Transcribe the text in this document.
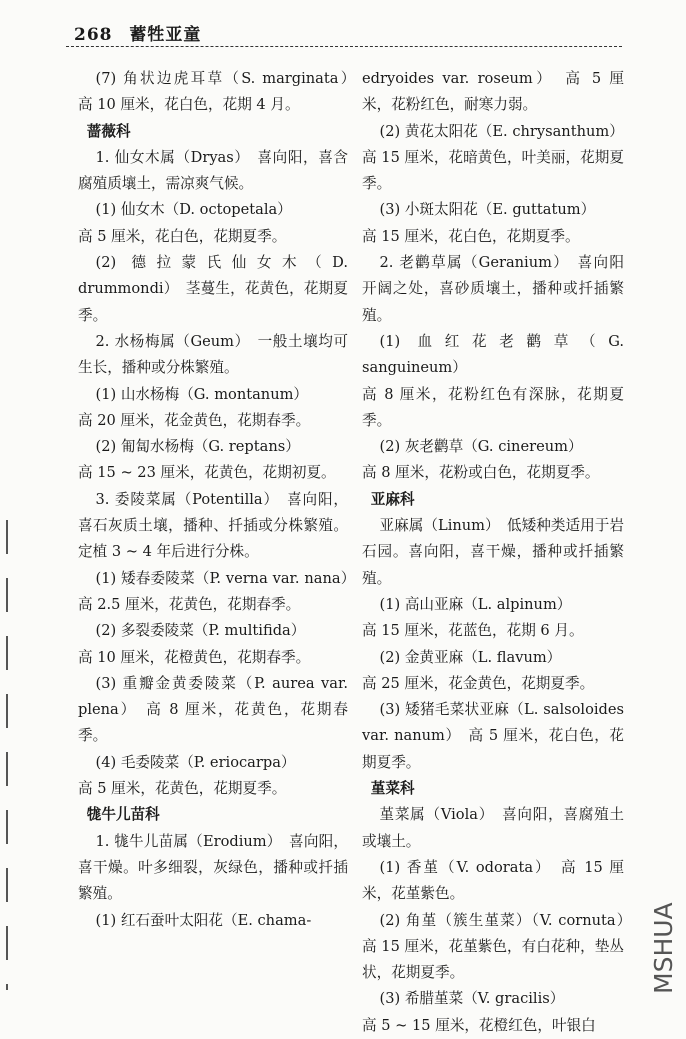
268 蓄牲亚童

(7) 角状边虎耳草（S. marginata）　高 10 厘米，花白色，花期 4 月。

蔷薇科

1. 仙女木属（Dryas）　喜向阳，喜含腐殖质壤土，需凉爽气候。

(1) 仙女木（D. octopetala）

高 5 厘米，花白色，花期夏季。

(2) 德拉蒙氏仙女木（D. drummondi）　茎蔓生，花黄色，花期夏季。

2. 水杨梅属（Geum）　一般土壤均可生长，播种或分株繁殖。

(1) 山水杨梅（G. montanum）

高 20 厘米，花金黄色，花期春季。

(2) 匍匐水杨梅（G. reptans）

高 15 ~ 23 厘米，花黄色，花期初夏。

3. 委陵菜属（Potentilla）　喜向阳，喜石灰质土壤，播种、扦插或分株繁殖。定植 3 ~ 4 年后进行分株。

(1) 矮春委陵菜（P. verna var. nana）　高 2.5 厘米，花黄色，花期春季。

(2) 多裂委陵菜（P. multifida）

高 10 厘米，花橙黄色，花期春季。

(3) 重瓣金黄委陵菜（P. aurea var. plena）　高 8 厘米，花黄色，花期春季。

(4) 毛委陵菜（P. eriocarpa）

高 5 厘米，花黄色，花期夏季。

牻牛儿苗科

1. 牻牛儿苗属（Erodium）　喜向阳，喜干燥。叶多细裂，灰绿色，播种或扦插繁殖。

(1) 红石蚕叶太阳花（E. chama-

edryoides var. roseum）　高 5 厘米，花粉红色，耐寒力弱。

(2) 黄花太阳花（E. chrysanthum）

高 15 厘米，花暗黄色，叶美丽，花期夏季。

(3) 小斑太阳花（E. guttatum）

高 15 厘米，花白色，花期夏季。

2. 老鹳草属（Geranium）　喜向阳开阔之处，喜砂质壤土，播种或扦插繁殖。

(1) 血红花老鹳草（G. sanguineum）

高 8 厘米，花粉红色有深脉，花期夏季。

(2) 灰老鹳草（G. cinereum）

高 8 厘米，花粉或白色，花期夏季。

亚麻科

亚麻属（Linum）　低矮种类适用于岩石园。喜向阳，喜干燥，播种或扦插繁殖。

(1) 高山亚麻（L. alpinum）

高 15 厘米，花蓝色，花期 6 月。

(2) 金黄亚麻（L. flavum）

高 25 厘米，花金黄色，花期夏季。

(3) 矮猪毛菜状亚麻（L. salsoloides var. nanum）　高 5 厘米，花白色，花期夏季。

堇菜科

堇菜属（Viola）　喜向阳，喜腐殖土或壤土。

(1) 香堇（V. odorata）　高 15 厘米，花堇紫色。

(2) 角堇（簇生堇菜）（V. cornuta）　高 15 厘米，花堇紫色，有白花种，垫丛状，花期夏季。

(3) 希腊堇菜（V. gracilis）

高 5 ~ 15 厘米，花橙红色，叶银白

MSHUA
